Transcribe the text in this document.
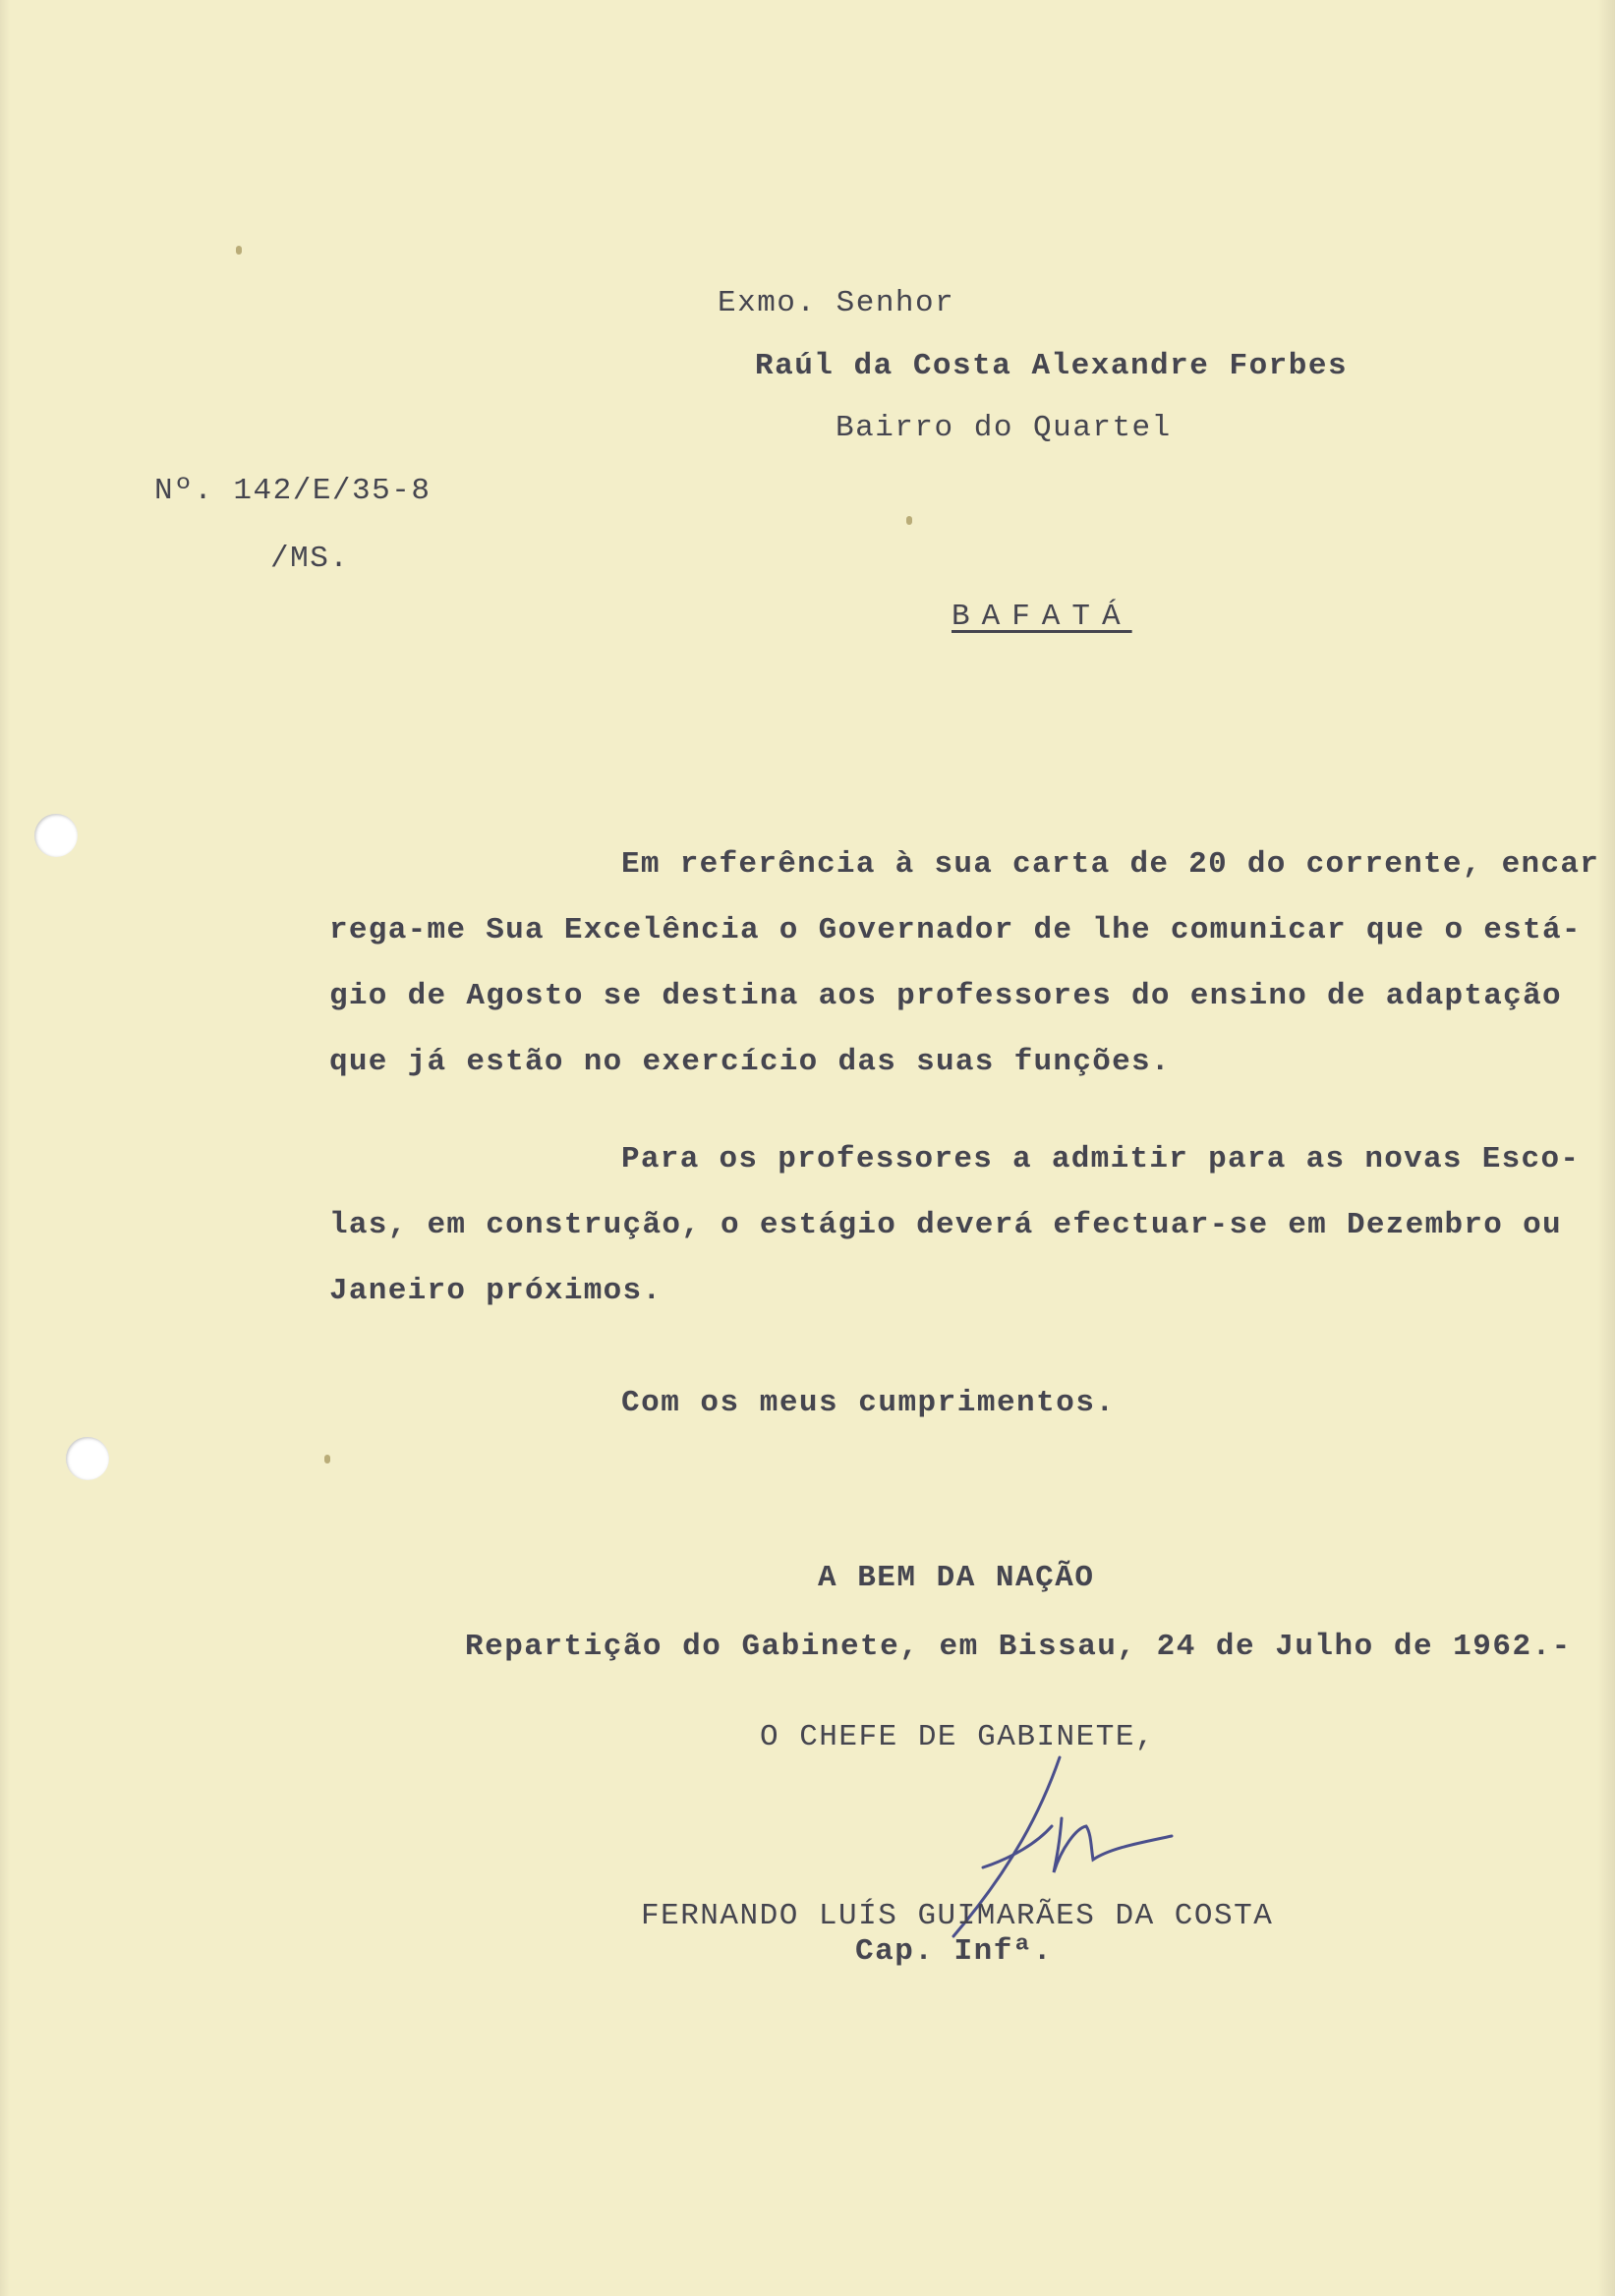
Exmo. Senhor

Raúl da Costa Alexandre Forbes

Bairro do Quartel

Nº. 142/E/35-8

/MS.

BAFATÁ

Em referência à sua carta de 20 do corrente, encar
rega-me Sua Excelência o Governador de lhe comunicar que o está-
gio de Agosto se destina aos professores do ensino de adaptação
que já estão no exercício das suas funções.
Para os professores a admitir para as novas Esco-
las, em construção, o estágio deverá efectuar-se em Dezembro ou
Janeiro próximos.

Com os meus cumprimentos.

A BEM DA NAÇÃO

Repartição do Gabinete, em Bissau, 24 de Julho de 1962.-

O CHEFE DE GABINETE,

FERNANDO LUÍS GUIMARÃES DA COSTA

Cap. Infª.
